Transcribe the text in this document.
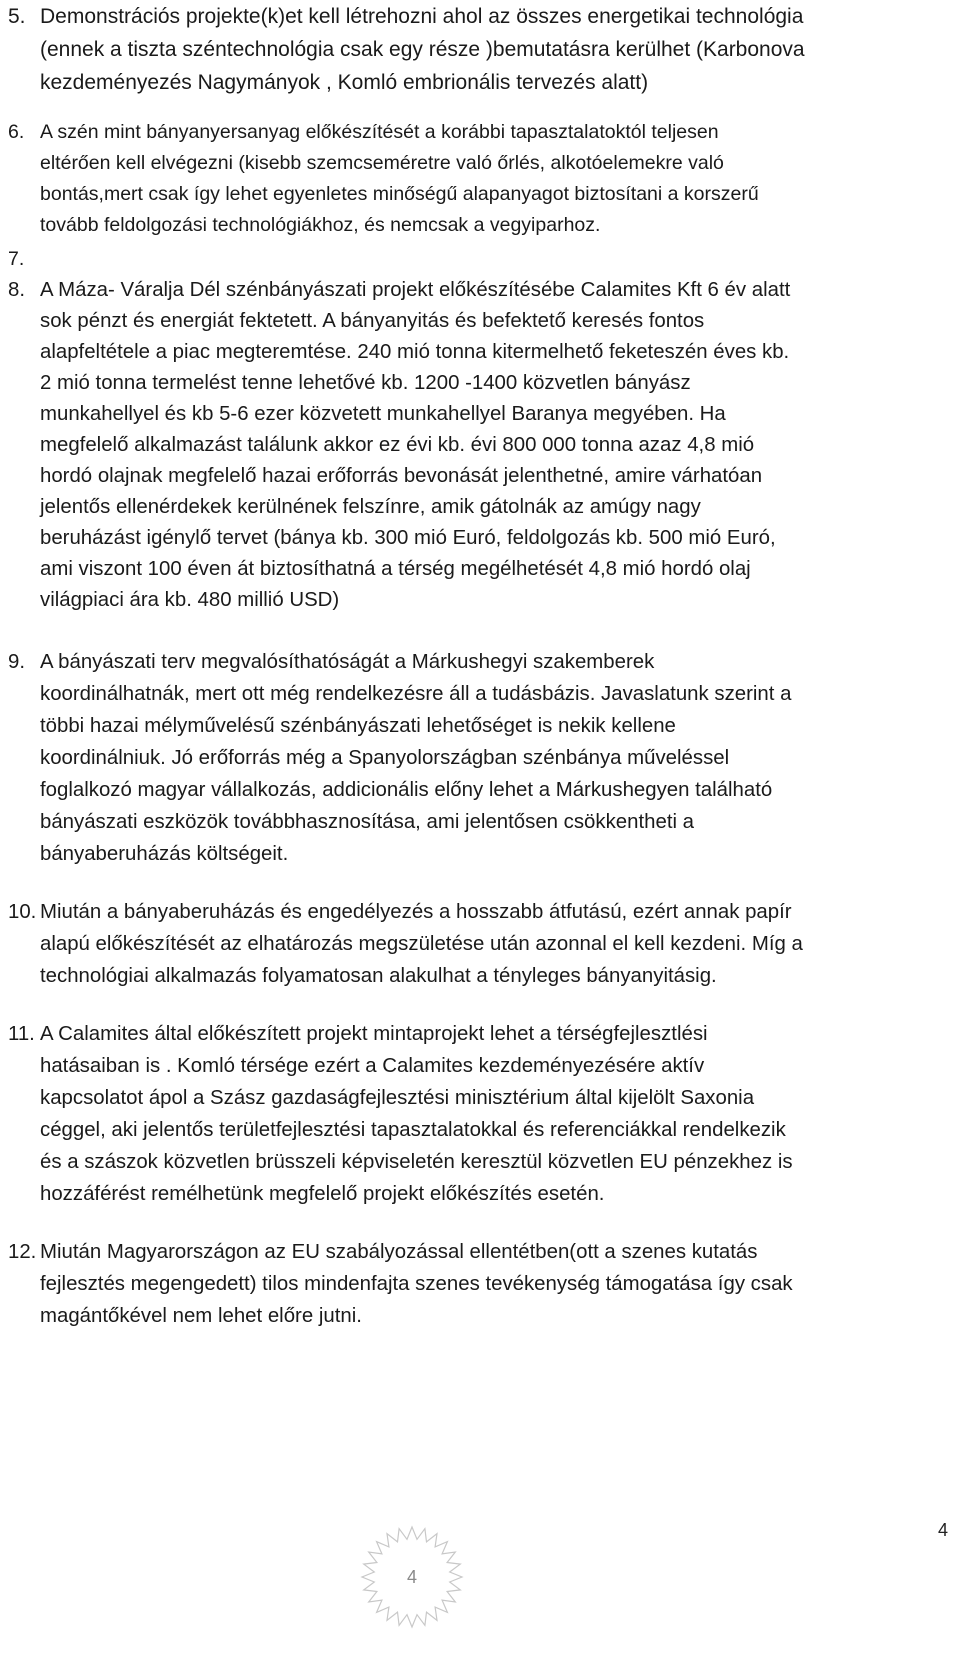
5. Demonstrációs projekte(k)et kell létrehozni ahol az összes energetikai technológia
(ennek a tiszta széntechnológia csak egy része )bemutatásra kerülhet (Karbonova
kezdeményezés Nagymányok , Komló embrionális tervezés alatt)
6. A szén mint bányanyersanyag előkészítését a korábbi tapasztalatoktól teljesen
eltérően kell elvégezni (kisebb szemcseméretre való őrlés, alkotóelemekre való
bontás,mert csak így lehet egyenletes minőségű alapanyagot biztosítani a korszerű
tovább feldolgozási technológiákhoz, és nemcsak a vegyiparhoz.
7.
8. A Máza- Váralja Dél szénbányászati projekt előkészítésébe Calamites Kft 6 év alatt
sok pénzt és energiát fektetett. A bányanyitás és befektető keresés fontos
alapfeltétele a piac megteremtése. 240 mió tonna kitermelhető feketeszén éves kb.
2 mió tonna termelést tenne lehetővé kb. 1200 -1400 közvetlen bányász
munkahellyel és kb 5-6 ezer közvetett munkahellyel Baranya megyében. Ha
megfelelő alkalmazást találunk akkor ez évi kb. évi 800 000 tonna azaz 4,8 mió
hordó olajnak megfelelő hazai erőforrás bevonását jelenthetné, amire várhatóan
jelentős ellenérdekek kerülnének felszínre, amik gátolnák az amúgy nagy
beruházást igénylő tervet (bánya kb. 300 mió Euró, feldolgozás kb. 500 mió Euró,
ami viszont 100 éven át biztosíthatná a térség megélhetését 4,8 mió hordó olaj
világpiaci ára kb. 480 millió USD)
9. A bányászati terv megvalósíthatóságát a Márkushegyi szakemberek
koordinálhatnák, mert ott még rendelkezésre áll a tudásbázis. Javaslatunk szerint a
többi hazai mélyművelésű szénbányászati lehetőséget is nekik kellene
koordinálniuk. Jó erőforrás még a Spanyolországban szénbánya műveléssel
foglalkozó magyar vállalkozás, addicionális előny lehet a Márkushegyen található
bányászati eszközök továbbhasznosítása, ami jelentősen csökkentheti a
bányaberuházás költségeit.
10. Miután a bányaberuházás és engedélyezés a hosszabb átfutású, ezért annak papír
alapú előkészítését az elhatározás megszületése után azonnal el kell kezdeni. Míg a
technológiai alkalmazás folyamatosan alakulhat a tényleges bányanyitásig.
11. A Calamites által előkészített projekt mintaprojekt lehet a térségfejlesztlési
hatásaiban is . Komló térsége ezért a Calamites kezdeményezésére aktív
kapcsolatot ápol a Szász gazdaságfejlesztési minisztérium által kijelölt Saxonia
céggel, aki jelentős területfejlesztési tapasztalatokkal és referenciákkal rendelkezik
és a szászok közvetlen brüsszeli képviseletén keresztül közvetlen EU pénzekhez is
hozzáférést remélhetünk megfelelő projekt előkészítés esetén.
12. Miután Magyarországon az EU szabályozással ellentétben(ott a szenes kutatás
fejlesztés megengedett) tilos mindenfajta szenes tevékenység támogatása így csak
magántőkével nem lehet előre jutni.
4
4
